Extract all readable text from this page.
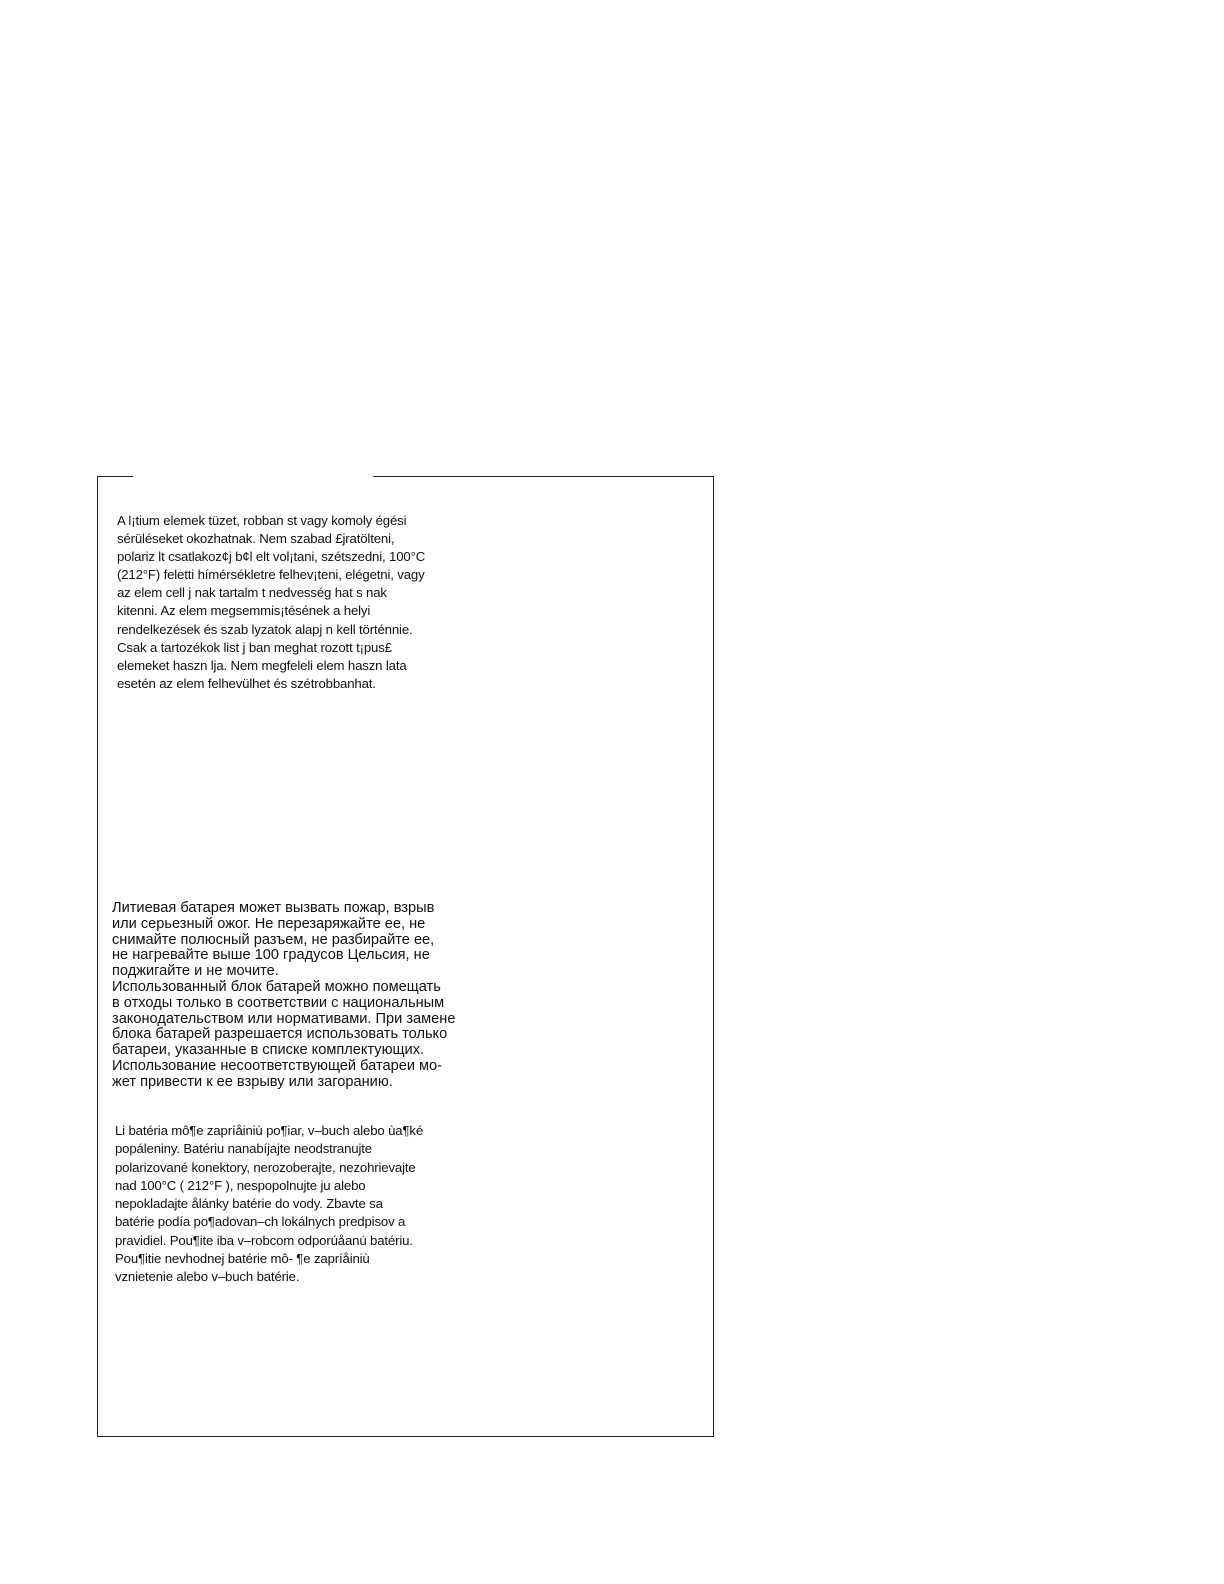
A l¡tium elemek tüzet, robban st vagy komoly égési
sérüléseket okozhatnak. Nem szabad £jratölteni,
polariz lt csatlakoz¢j b¢l elt vol¡tani, szétszedni, 100°C
(212°F) feletti hímérsékletre felhev¡teni, elégetni, vagy
az elem cell j nak tartalm t nedvesség hat s nak
kitenni. Az elem megsemmis¡tésének a helyi
rendelkezések és szab lyzatok alapj n kell történnie.
Csak a tartozékok list j ban meghat rozott t¡pus£
elemeket haszn lja. Nem megfeleli elem haszn lata
esetén az elem felhevülhet és szétrobbanhat.

Литиевая батарея может вызвать пожар, взрыв
или серьезный ожог. Не перезаряжайте ее, не
снимайте полюсный разъем, не разбирайте ее,
не нагревайте выше 100 градусов Цельсия, не
поджигайте и не мочите.
Использованный блок батарей можно помещать
в отходы только в соответствии с национальным
законодательством или нормативами. При замене
блока батарей разрешается использовать только
батареи, указанные в списке комплектующих.
Использование несоответствующей батареи мо-
жет привести к ее взрыву или загоранию.

Li batéria mô¶e zapríåiniù po¶iar, v–buch alebo ùa¶ké
popáleniny. Batériu nanabíjajte neodstranujte
polarizované konektory, nerozoberajte, nezohrievajte
nad 100°C ( 212°F ), nespopolnujte ju alebo
nepokladajte ålánky batérie do vody. Zbavte sa
batérie podía po¶adovan–ch lokálnych predpisov a
pravidiel. Pou¶ite iba v–robcom odporúåanú batériu.
Pou¶itie nevhodnej batérie mô- ¶e zapríåiniù
vznietenie alebo v–buch batérie.
